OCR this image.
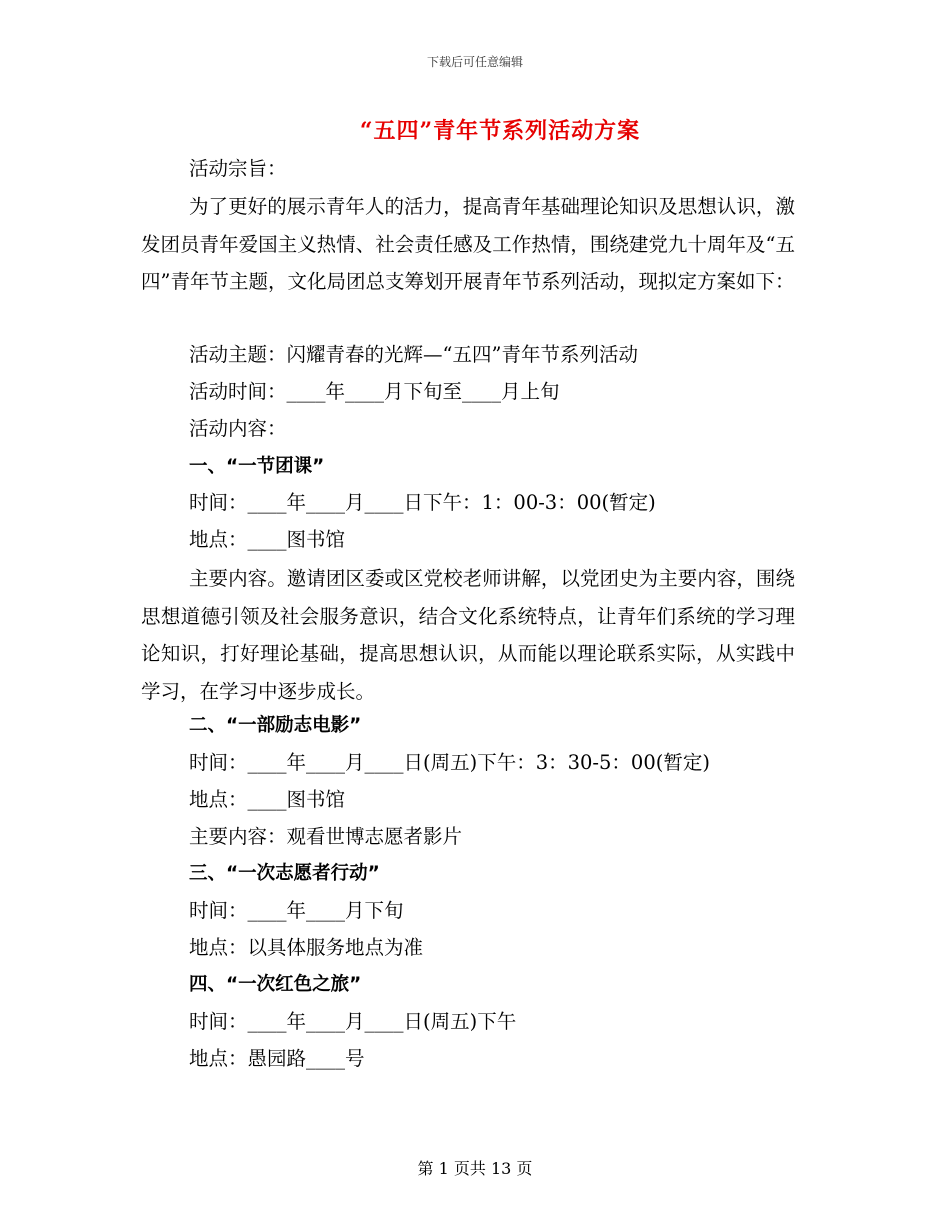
下载后可任意编辑
“五四”青年节系列活动方案
活动宗旨：
为了更好的展示青年人的活力，提高青年基础理论知识及思想认识，激发团员青年爱国主义热情、社会责任感及工作热情，围绕建党九十周年及“五四”青年节主题，文化局团总支筹划开展青年节系列活动，现拟定方案如下：
活动主题：闪耀青春的光辉—“五四”青年节系列活动
活动时间：____年____月下旬至____月上旬
活动内容：
一、“一节团课”
时间：____年____月____日下午：1：00-3：00(暂定)
地点：____图书馆
主要内容。邀请团区委或区党校老师讲解，以党团史为主要内容，围绕思想道德引领及社会服务意识，结合文化系统特点，让青年们系统的学习理论知识，打好理论基础，提高思想认识，从而能以理论联系实际，从实践中学习，在学习中逐步成长。
二、“一部励志电影”
时间：____年____月____日(周五)下午：3：30-5：00(暂定)
地点：____图书馆
主要内容：观看世博志愿者影片
三、“一次志愿者行动”
时间：____年____月下旬
地点：以具体服务地点为准
四、“一次红色之旅”
时间：____年____月____日(周五)下午
地点：愚园路____号
第 1 页共 13 页
